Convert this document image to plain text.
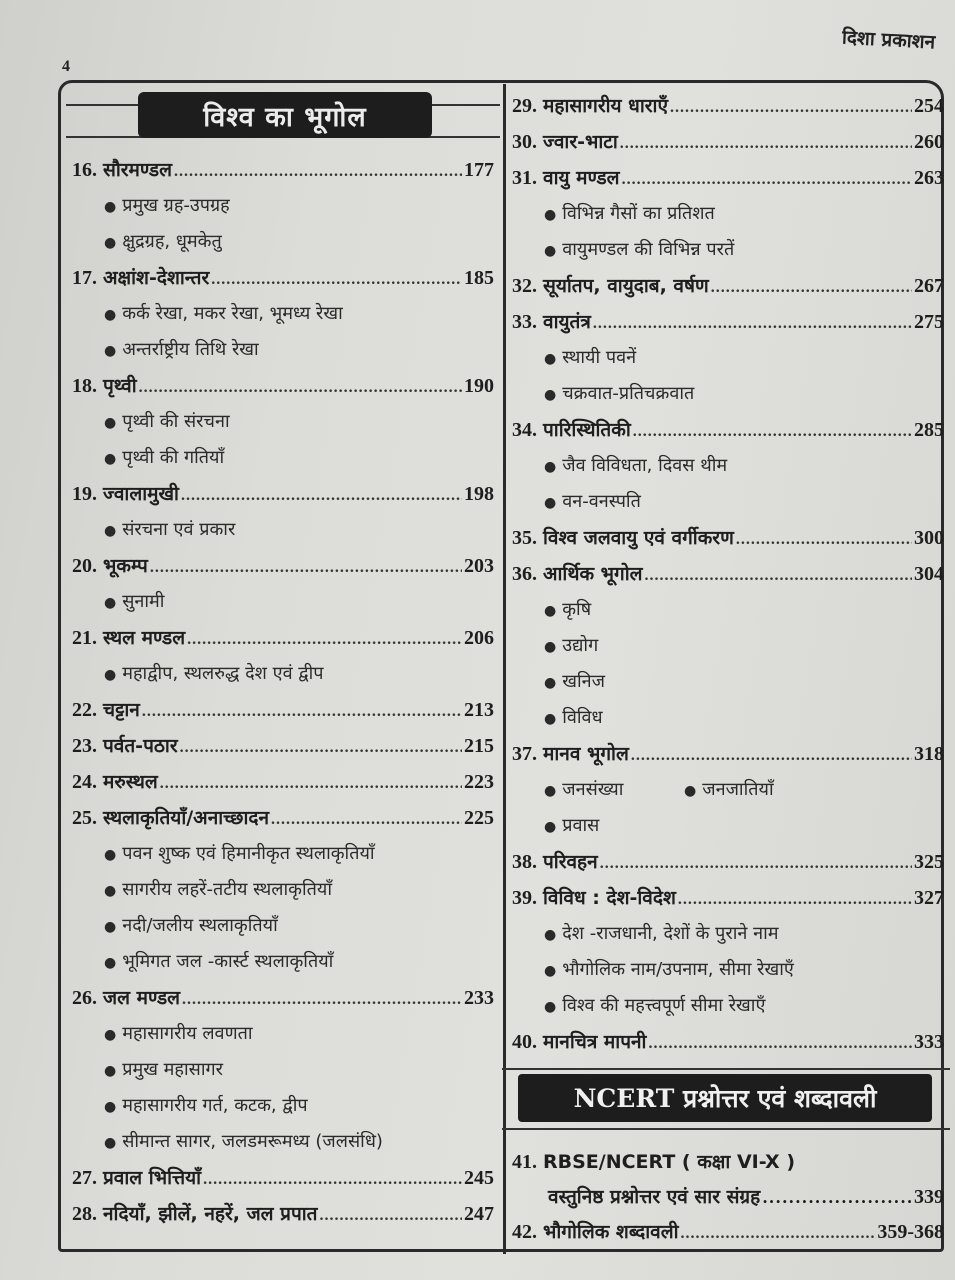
दिशा प्रकाशन
4
विश्व का भूगोल
16. सौरमण्डल .....	177
● प्रमुख ग्रह-उपग्रह
● क्षुद्रग्रह, धूमकेतु
17. अक्षांश-देशान्तर .....	185
● कर्क रेखा, मकर रेखा, भूमध्य रेखा
● अन्तर्राष्ट्रीय तिथि रेखा
18. पृथ्वी .....	190
● पृथ्वी की संरचना
● पृथ्वी की गतियाँ
19. ज्वालामुखी .....	198
● संरचना एवं प्रकार
20. भूकम्प .....	203
● सुनामी
21. स्थल मण्डल .....	206
● महाद्वीप, स्थलरुद्ध देश एवं द्वीप
22. चट्टान .....	213
23. पर्वत-पठार .....	215
24. मरुस्थल .....	223
25. स्थलाकृतियाँ/अनाच्छादन .....	225
● पवन शुष्क एवं हिमानीकृत स्थलाकृतियाँ
● सागरीय लहरें-तटीय स्थलाकृतियाँ
● नदी/जलीय स्थलाकृतियाँ
● भूमिगत जल -कार्स्ट स्थलाकृतियाँ
26. जल मण्डल .....	233
● महासागरीय लवणता
● प्रमुख महासागर
● महासागरीय गर्त, कटक, द्वीप
● सीमान्त सागर, जलडमरूमध्य (जलसंधि)
27. प्रवाल भित्तियाँ .....	245
28. नदियाँ, झीलें, नहरें, जल प्रपात .....	247
29. महासागरीय धाराएँ .....	254
30. ज्वार-भाटा .....	260
31. वायु मण्डल .....	263
● विभिन्न गैसों का प्रतिशत
● वायुमण्डल की विभिन्न परतें
32. सूर्यातप, वायुदाब, वर्षण .....	267
33. वायुतंत्र .....	275
● स्थायी पवनें
● चक्रवात-प्रतिचक्रवात
34. पारिस्थितिकी .....	285
● जैव विविधता, दिवस थीम
● वन-वनस्पति
35. विश्व जलवायु एवं वर्गीकरण .....	300
36. आर्थिक भूगोल .....	304
● कृषि
● उद्योग
● खनिज
● विविध
37. मानव भूगोल .....	318
● जनसंख्या	● जनजातियाँ
● प्रवास
38. परिवहन .....	325
39. विविध : देश-विदेश .....	327
● देश -राजधानी, देशों के पुराने नाम
● भौगोलिक नाम/उपनाम, सीमा रेखाएँ
● विश्व की महत्त्वपूर्ण सीमा रेखाएँ
40. मानचित्र मापनी .....	333
NCERT प्रश्नोत्तर एवं शब्दावली
41. RBSE/NCERT ( कक्षा VI-X )
वस्तुनिष्ठ प्रश्नोत्तर एवं सार संग्रह .....	339
42. भौगोलिक शब्दावली .....	359-368
